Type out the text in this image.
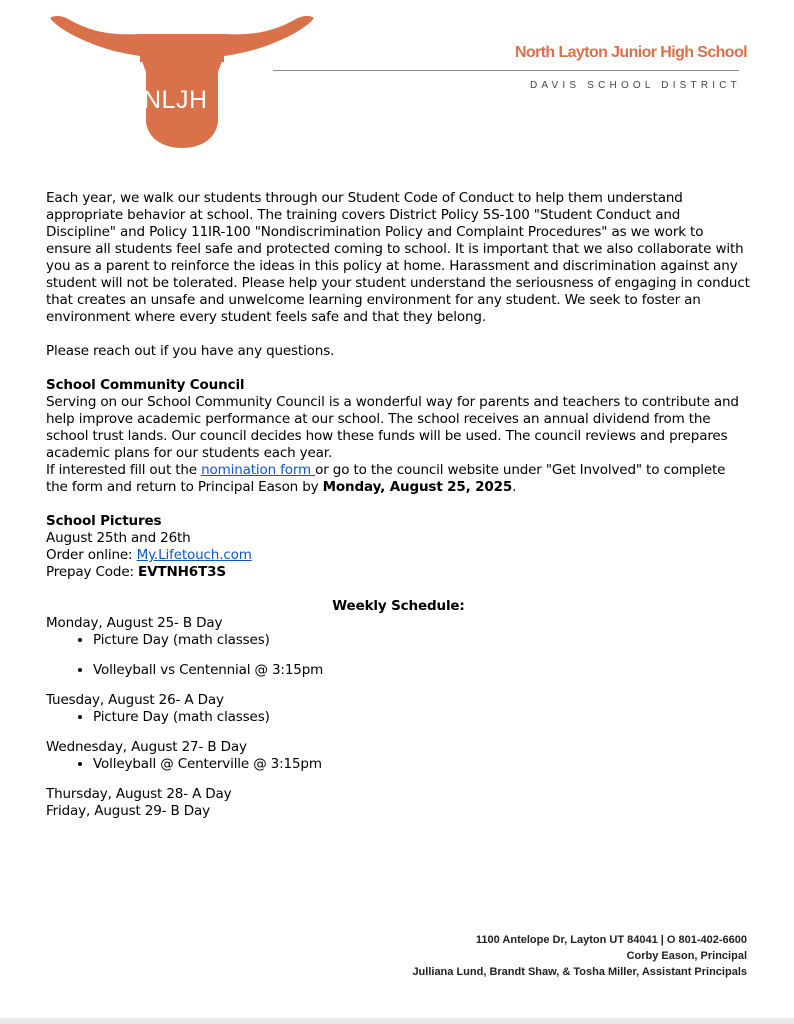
NLJH
North Layton Junior High School
DAVIS SCHOOL DISTRICT

Each year, we walk our students through our Student Code of Conduct to help them understand appropriate behavior at school. The training covers District Policy 5S-100 "Student Conduct and Discipline" and Policy 11IR-100 "Nondiscrimination Policy and Complaint Procedures" as we work to ensure all students feel safe and protected coming to school. It is important that we also collaborate with you as a parent to reinforce the ideas in this policy at home. Harassment and discrimination against any student will not be tolerated. Please help your student understand the seriousness of engaging in conduct that creates an unsafe and unwelcome learning environment for any student. We seek to foster an environment where every student feels safe and that they belong.

Please reach out if you have any questions.

School Community Council

Serving on our School Community Council is a wonderful way for parents and teachers to contribute and help improve academic performance at our school. The school receives an annual dividend from the school trust lands. Our council decides how these funds will be used. The council reviews and prepares academic plans for our students each year.

If interested fill out the nomination form or go to the council website under "Get Involved" to complete the form and return to Principal Eason by Monday, August 25, 2025.

School Pictures

August 25th and 26th

Order online: My.Lifetouch.com

Prepay Code: EVTNH6T3S

Weekly Schedule:

Monday, August 25- B Day

• Picture Day (math classes)
• Volleyball vs Centennial @ 3:15pm

Tuesday, August 26- A Day

• Picture Day (math classes)

Wednesday, August 27- B Day

• Volleyball @ Centerville @ 3:15pm

Thursday, August 28- A Day

Friday, August 29- B Day

1100 Antelope Dr, Layton UT 84041 | O 801-402-6600
Corby Eason, Principal
Julliana Lund, Brandt Shaw, & Tosha Miller, Assistant Principals
